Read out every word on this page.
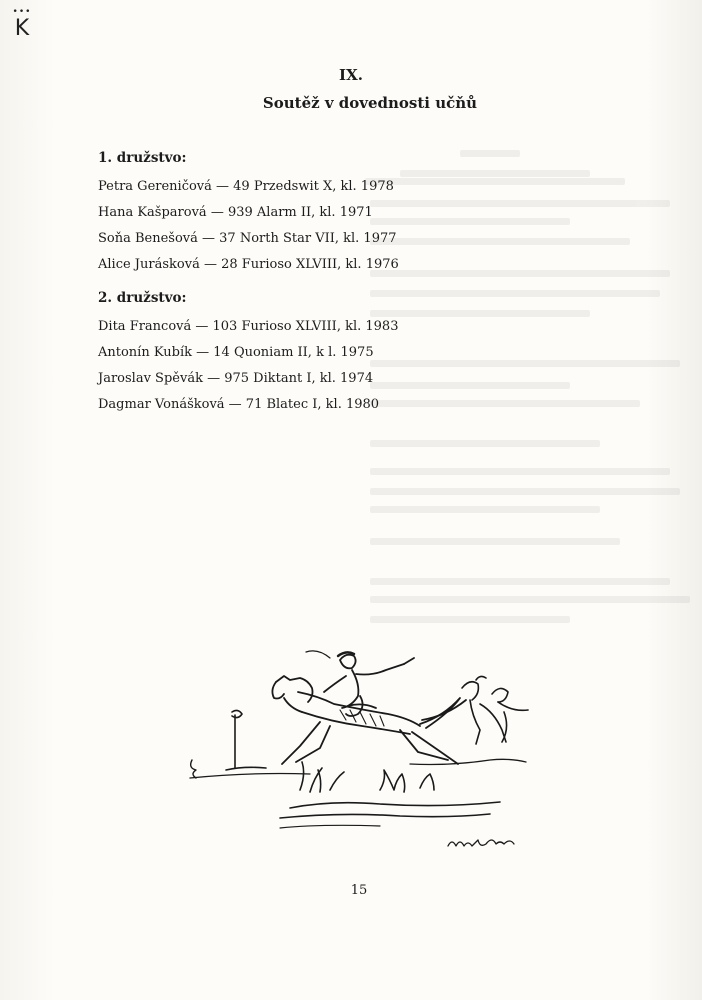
•••
K
IX.
Soutěž v dovednosti učňů
1. družstvo:
Petra Gereničová — 49 Przedswit X, kl. 1978
Hana Kašparová — 939 Alarm II, kl. 1971
Soňa Benešová — 37 North Star VII, kl. 1977
Alice Jurásková — 28 Furioso XLVIII, kl. 1976
2. družstvo:
Dita Francová — 103 Furioso XLVIII, kl. 1983
Antonín Kubík — 14 Quoniam II, k l. 1975
Jaroslav Spěvák — 975 Diktant I, kl. 1974
Dagmar Vonášková — 71 Blatec I, kl. 1980
15
